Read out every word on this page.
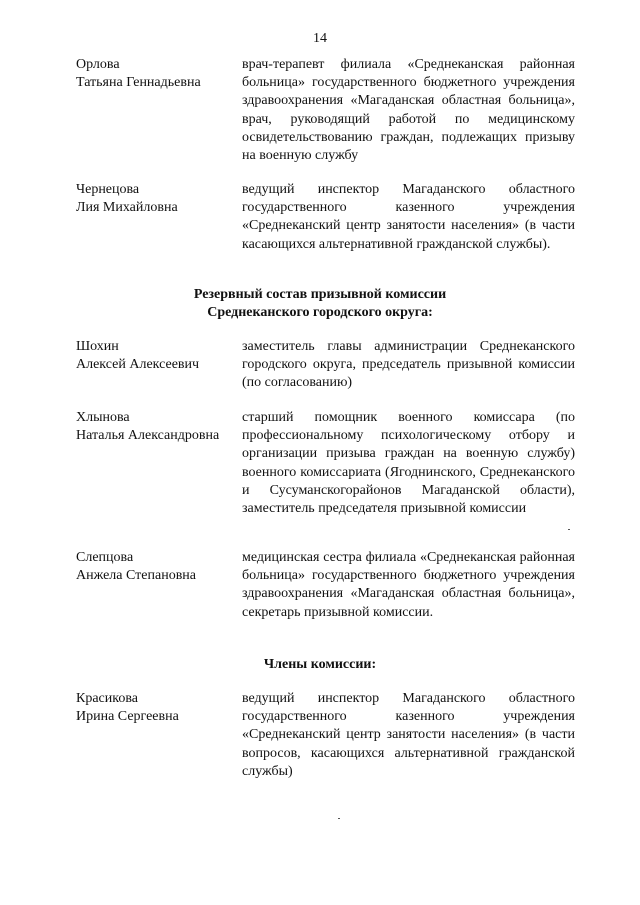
14
Орлова
Татьяна Геннадьевна
врач-терапевт филиала «Среднеканская районная больница» государственного бюджетного учреждения здравоохранения «Магаданская областная больница», врач, руководящий работой по медицинскому освидетельствованию граждан, подлежащих призыву на военную службу
Чернецова
Лия Михайловна
ведущий инспектор Магаданского областного государственного казенного учреждения «Среднеканский центр занятости населения» (в части касающихся альтернативной гражданской службы).
Резервный состав призывной комиссии
Среднеканского городского округа:
Шохин
Алексей Алексеевич
заместитель главы администрации Среднеканского городского округа, председатель призывной комиссии (по согласованию)
Хлынова
Наталья Александровна
старший помощник военного комиссара (по профессиональному психологическому отбору и организации призыва граждан на военную службу) военного комиссариата (Ягоднинского, Среднеканского и Сусуманскогорайонов Магаданской области), заместитель председателя призывной комиссии
Слепцова
Анжела Степановна
медицинская сестра филиала «Среднеканская районная больница» государственного бюджетного учреждения здравоохранения «Магаданская областная больница», секретарь призывной комиссии.
Члены комиссии:
Красикова
Ирина Сергеевна
ведущий инспектор Магаданского областного государственного казенного учреждения «Среднеканский центр занятости населения» (в части вопросов, касающихся альтернативной гражданской службы)
